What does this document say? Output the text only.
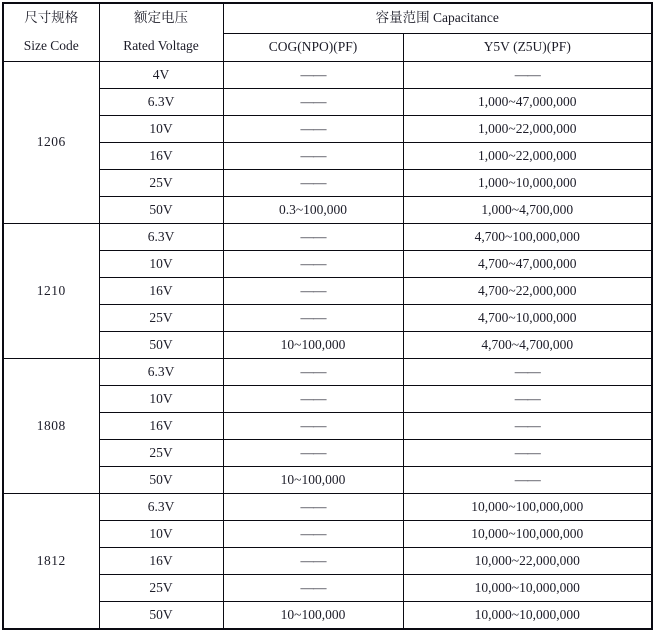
尺寸规格
Size Code

额定电压
Rated Voltage
	容量范围 Capacitance
		COG(NPO)(PF)	Y5V (Z5U)(PF)
1206	4V	——	——
	6.3V	——	1,000~47,000,000
	10V	——	1,000~22,000,000
	16V	——	1,000~22,000,000
	25V	——	1,000~10,000,000
	50V	0.3~100,000	1,000~4,700,000
1210	6.3V	——	4,700~100,000,000
	10V	——	4,700~47,000,000
	16V	——	4,700~22,000,000
	25V	——	4,700~10,000,000
	50V	10~100,000	4,700~4,700,000
1808	6.3V	——	——
	10V	——	——
	16V	——	——
	25V	——	——
	50V	10~100,000	——
1812	6.3V	——	10,000~100,000,000
	10V	——	10,000~100,000,000
	16V	——	10,000~22,000,000
	25V	——	10,000~10,000,000
	50V	10~100,000	10,000~10,000,000
